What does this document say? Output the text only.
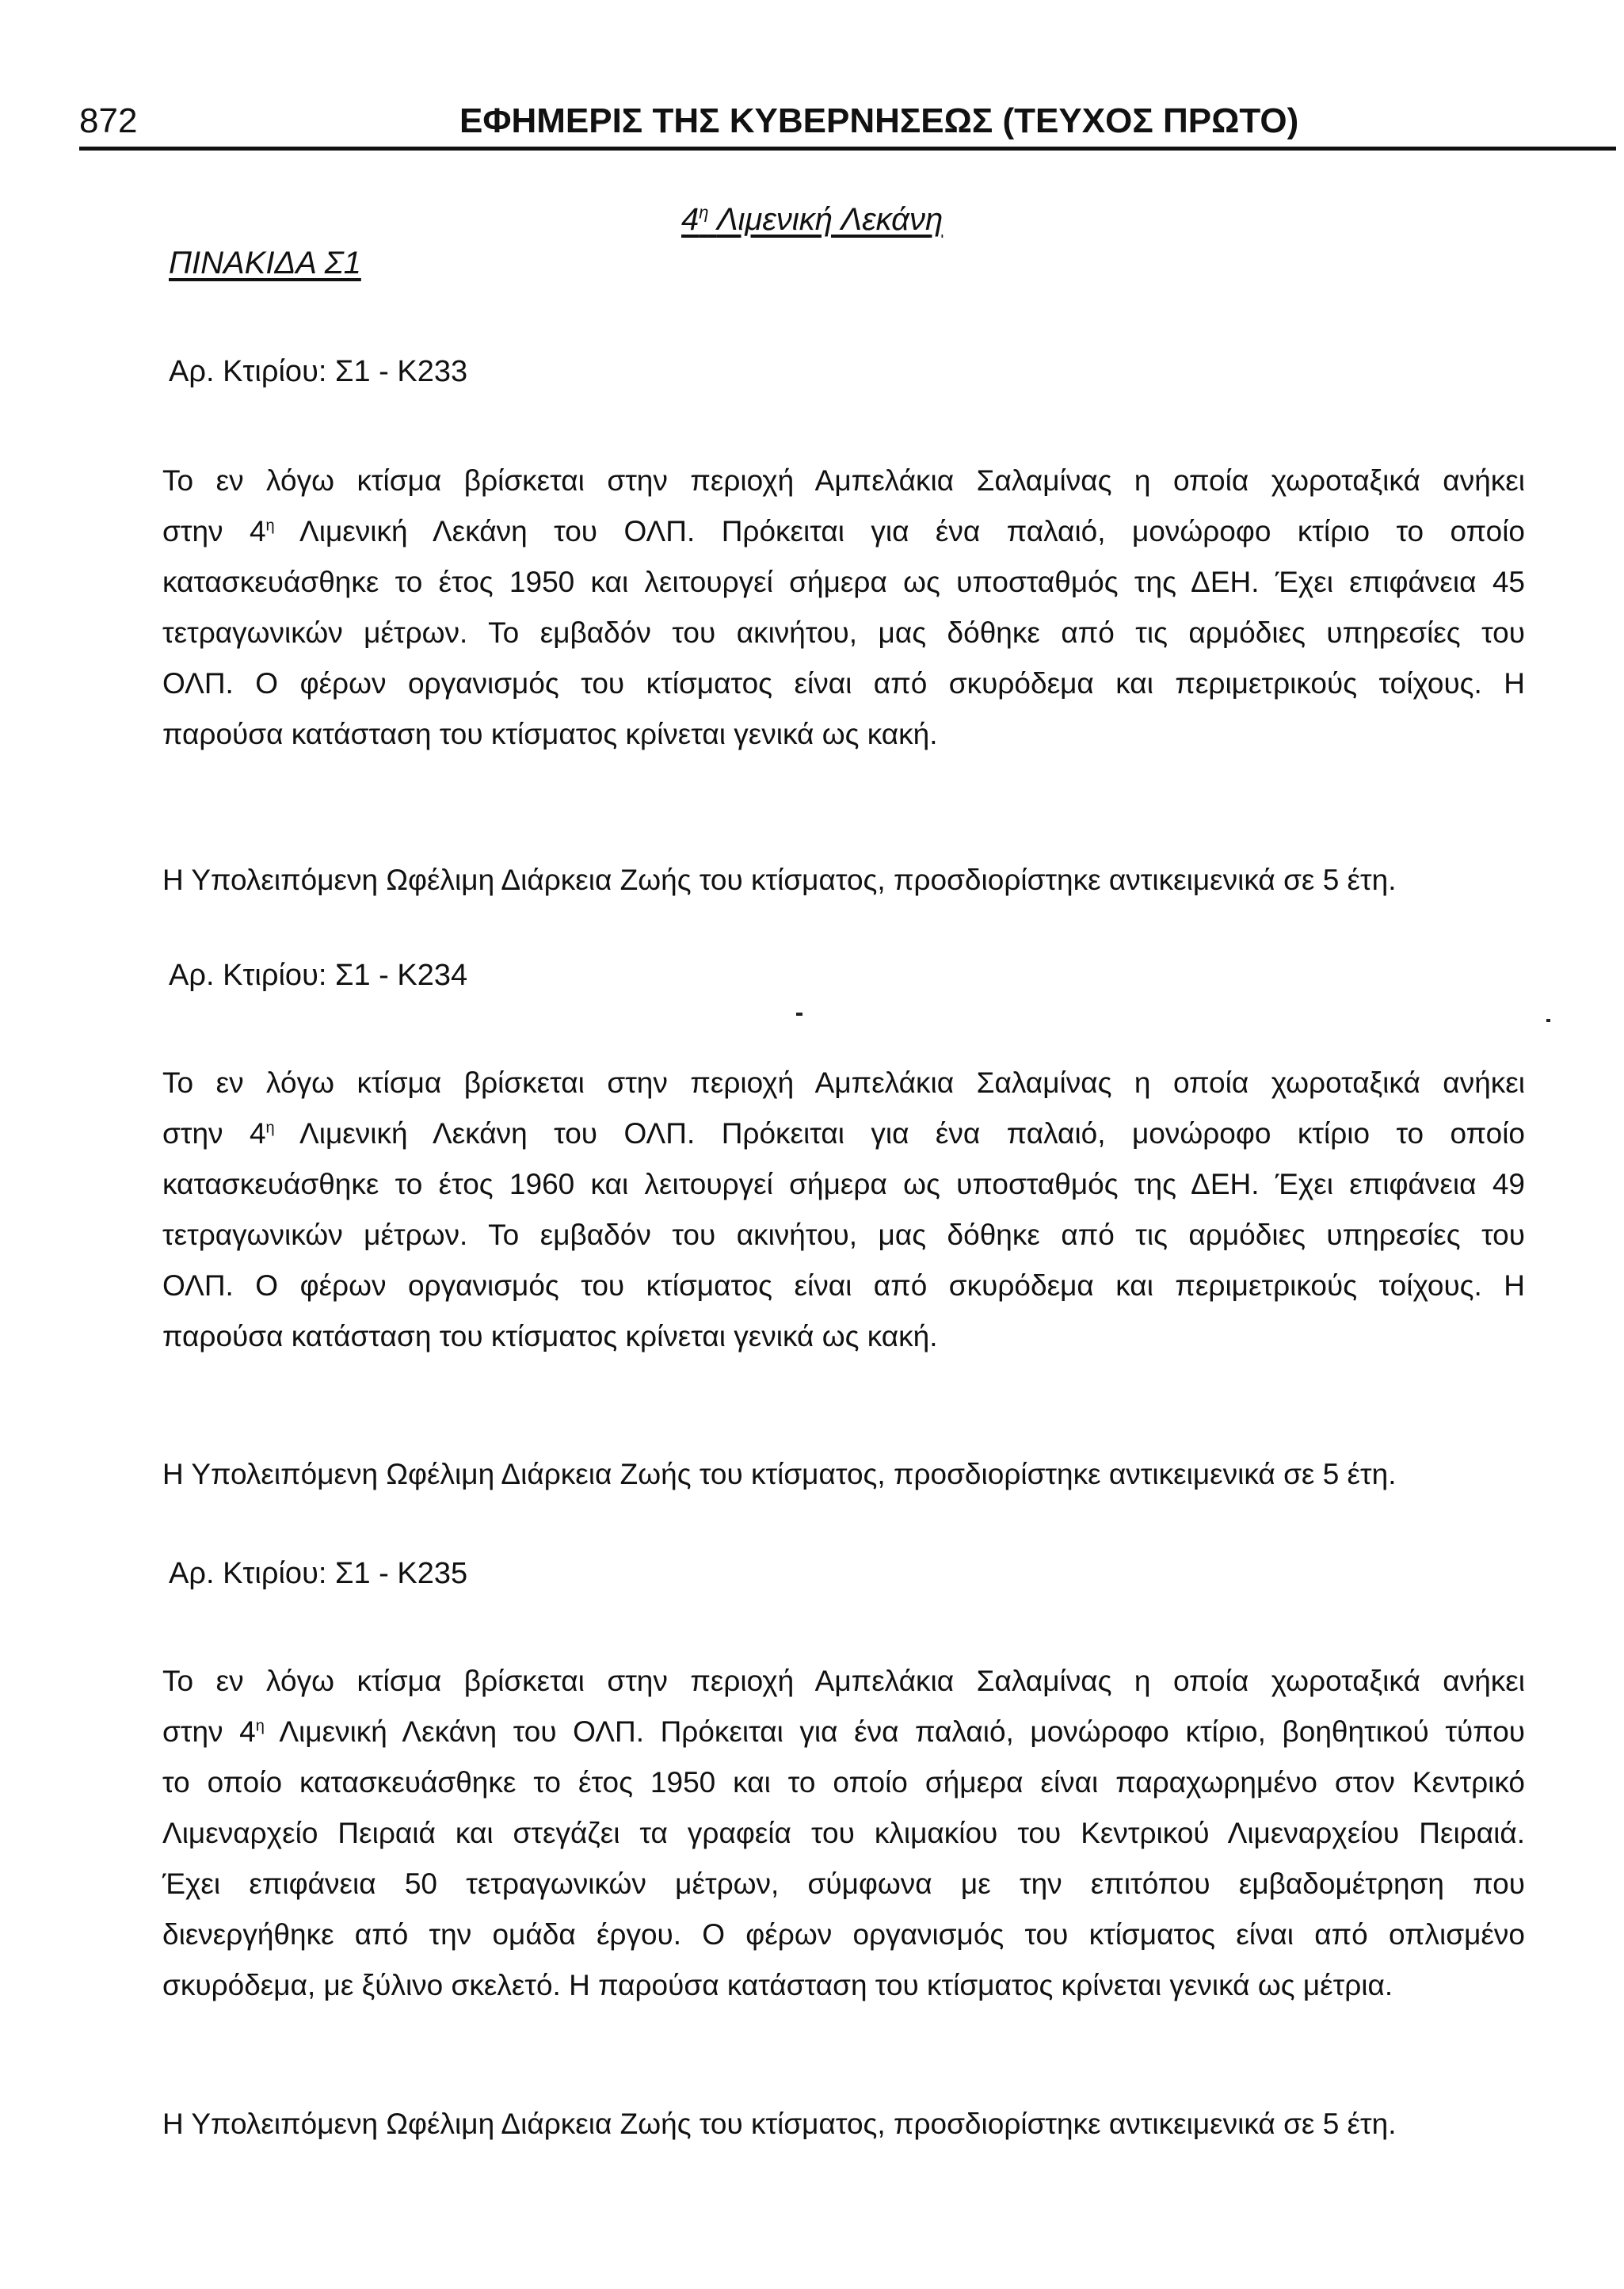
872	ΕΦΗΜΕΡΙΣ ΤΗΣ ΚΥΒΕΡΝΗΣΕΩΣ (ΤΕΥΧΟΣ ΠΡΩΤΟ)
$4^\eta$ Λιμενική Λεκάνη
ΠΙΝΑΚΙΔΑ Σ1
Αρ. Κτιρίου: Σ1 - Κ233
Το εν λόγω κτίσμα βρίσκεται στην περιοχή Αμπελάκια Σαλαμίνας η οποία χωροταξικά ανήκει
στην $4^\eta$ Λιμενική Λεκάνη του ΟΛΠ. Πρόκειται για ένα παλαιό, μονώροφο κτίριο το οποίο
κατασκευάσθηκε το έτος 1950 και λειτουργεί σήμερα ως υποσταθμός της ΔΕΗ. Έχει επιφάνεια 45
τετραγωνικών μέτρων. Το εμβαδόν του ακινήτου, μας δόθηκε από τις αρμόδιες υπηρεσίες του
ΟΛΠ. Ο φέρων οργανισμός του κτίσματος είναι από σκυρόδεμα και περιμετρικούς τοίχους. Η
παρούσα κατάσταση του κτίσματος κρίνεται γενικά ως κακή.
Η Υπολειπόμενη Ωφέλιμη Διάρκεια Ζωής του κτίσματος, προσδιορίστηκε αντικειμενικά σε 5 έτη.
Αρ. Κτιρίου: Σ1 - Κ234
Το εν λόγω κτίσμα βρίσκεται στην περιοχή Αμπελάκια Σαλαμίνας η οποία χωροταξικά ανήκει
στην $4^\eta$ Λιμενική Λεκάνη του ΟΛΠ. Πρόκειται για ένα παλαιό, μονώροφο κτίριο το οποίο
κατασκευάσθηκε το έτος 1960 και λειτουργεί σήμερα ως υποσταθμός της ΔΕΗ. Έχει επιφάνεια 49
τετραγωνικών μέτρων. Το εμβαδόν του ακινήτου, μας δόθηκε από τις αρμόδιες υπηρεσίες του
ΟΛΠ. Ο φέρων οργανισμός του κτίσματος είναι από σκυρόδεμα και περιμετρικούς τοίχους. Η
παρούσα κατάσταση του κτίσματος κρίνεται γενικά ως κακή.
Η Υπολειπόμενη Ωφέλιμη Διάρκεια Ζωής του κτίσματος, προσδιορίστηκε αντικειμενικά σε 5 έτη.
Αρ. Κτιρίου: Σ1 - Κ235
Το εν λόγω κτίσμα βρίσκεται στην περιοχή Αμπελάκια Σαλαμίνας η οποία χωροταξικά ανήκει
στην $4^\eta$ Λιμενική Λεκάνη του ΟΛΠ. Πρόκειται για ένα παλαιό, μονώροφο κτίριο, βοηθητικού τύπου
το οποίο κατασκευάσθηκε το έτος 1950 και το οποίο σήμερα είναι παραχωρημένο στον Κεντρικό
Λιμεναρχείο Πειραιά και στεγάζει τα γραφεία του κλιμακίου του Κεντρικού Λιμεναρχείου Πειραιά.
Έχει επιφάνεια 50 τετραγωνικών μέτρων, σύμφωνα με την επιτόπου εμβαδομέτρηση που
διενεργήθηκε από την ομάδα έργου. Ο φέρων οργανισμός του κτίσματος είναι από οπλισμένο
σκυρόδεμα, με ξύλινο σκελετό. Η παρούσα κατάσταση του κτίσματος κρίνεται γενικά ως μέτρια.
Η Υπολειπόμενη Ωφέλιμη Διάρκεια Ζωής του κτίσματος, προσδιορίστηκε αντικειμενικά σε 5 έτη.
